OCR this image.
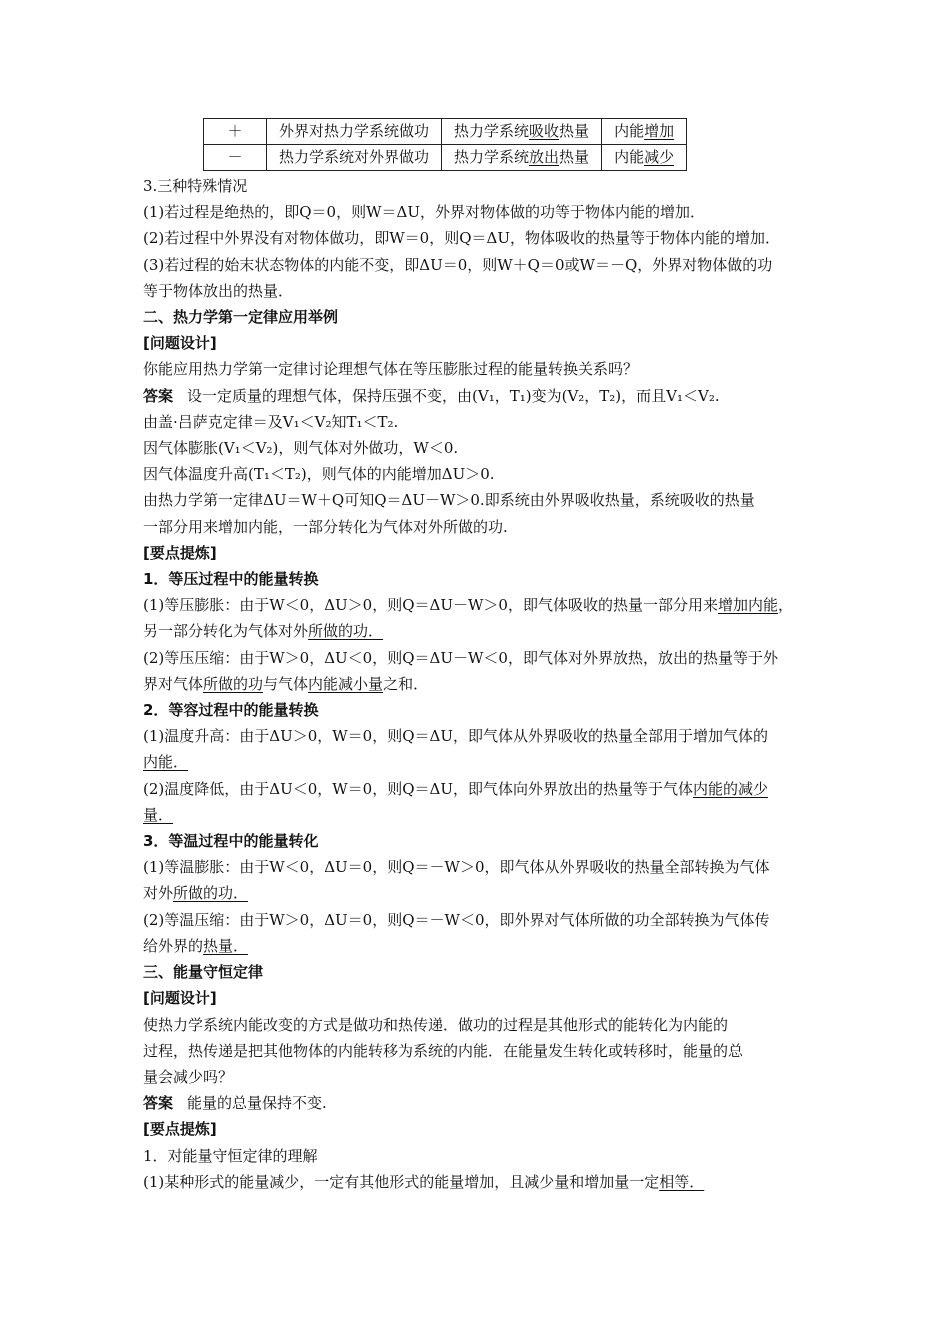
＋	外界对热力学系统做功	热力学系统吸收热量	内能增加
－	热力学系统对外界做功	热力学系统放出热量	内能减少
3.三种特殊情况
(1)若过程是绝热的，即Q＝0，则W＝ΔU，外界对物体做的功等于物体内能的增加．
(2)若过程中外界没有对物体做功，即W＝0，则Q＝ΔU，物体吸收的热量等于物体内能的增加．
(3)若过程的始末状态物体的内能不变，即ΔU＝0，则W＋Q＝0或W＝－Q，外界对物体做的功
等于物体放出的热量．
二、热力学第一定律应用举例
[问题设计]
你能应用热力学第一定律讨论理想气体在等压膨胀过程的能量转换关系吗？
答案 设一定质量的理想气体，保持压强不变，由(V₁，T₁)变为(V₂，T₂)，而且V₁＜V₂.
由盖·吕萨克定律＝及V₁＜V₂知T₁＜T₂.
因气体膨胀(V₁＜V₂)，则气体对外做功，W＜0.
因气体温度升高(T₁＜T₂)，则气体的内能增加ΔU＞0.
由热力学第一定律ΔU＝W＋Q可知Q＝ΔU－W＞0.即系统由外界吸收热量，系统吸收的热量
一部分用来增加内能，一部分转化为气体对外所做的功.
[要点提炼]
1．等压过程中的能量转换
(1)等压膨胀：由于W＜0，ΔU＞0，则Q＝ΔU－W＞0，即气体吸收的热量一部分用来增加内能，
另一部分转化为气体对外所做的功．
(2)等压压缩：由于W＞0，ΔU＜0，则Q＝ΔU－W＜0，即气体对外界放热，放出的热量等于外
界对气体所做的功与气体内能减小量之和．
2．等容过程中的能量转换
(1)温度升高：由于ΔU＞0，W＝0，则Q＝ΔU，即气体从外界吸收的热量全部用于增加气体的
内能．
(2)温度降低，由于ΔU＜0，W＝0，则Q＝ΔU，即气体向外界放出的热量等于气体内能的减少
量．
3．等温过程中的能量转化
(1)等温膨胀：由于W＜0，ΔU＝0，则Q＝－W＞0，即气体从外界吸收的热量全部转换为气体
对外所做的功．
(2)等温压缩：由于W＞0，ΔU＝0，则Q＝－W＜0，即外界对气体所做的功全部转换为气体传
给外界的热量．
三、能量守恒定律
[问题设计]
使热力学系统内能改变的方式是做功和热传递．做功的过程是其他形式的能转化为内能的
过程，热传递是把其他物体的内能转移为系统的内能．在能量发生转化或转移时，能量的总
量会减少吗？
答案 能量的总量保持不变.
[要点提炼]
1．对能量守恒定律的理解
(1)某种形式的能量减少，一定有其他形式的能量增加，且减少量和增加量一定相等．
